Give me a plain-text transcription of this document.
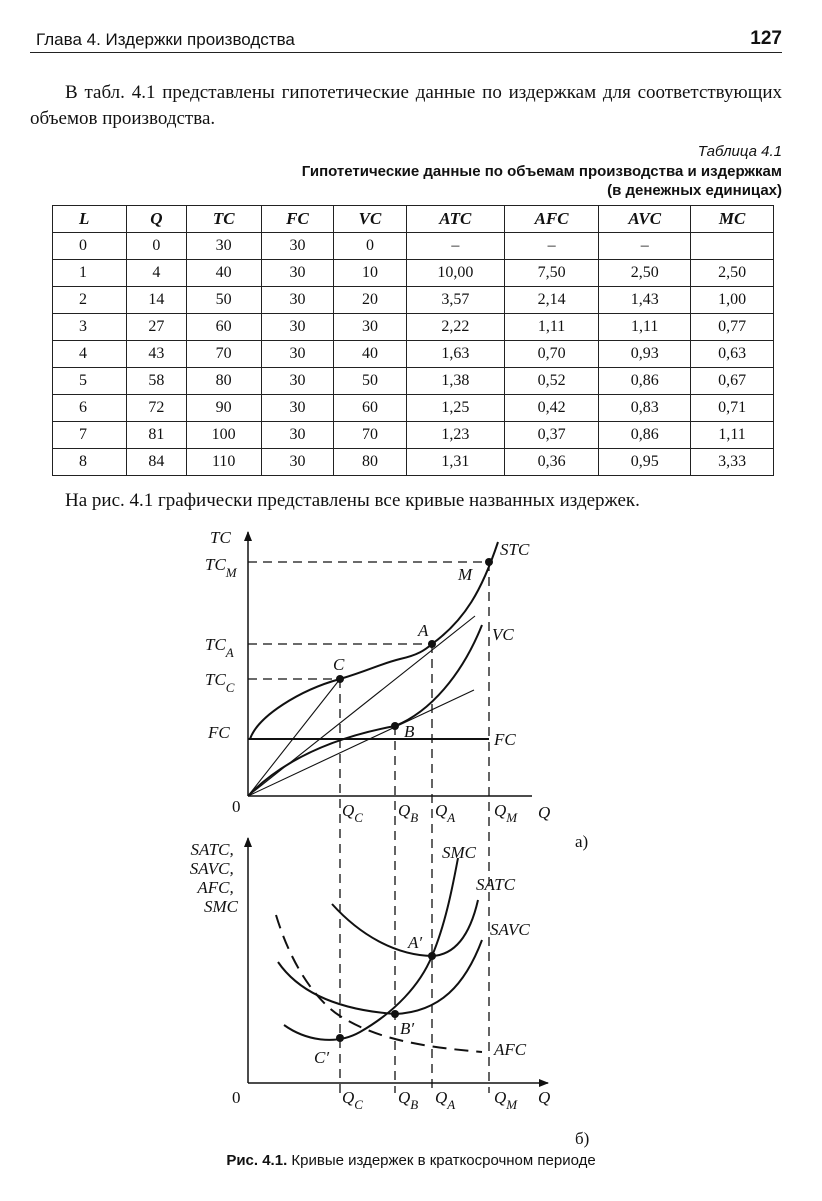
Глава 4. Издержки производства	127
В табл. 4.1 представлены гипотетические данные по издержкам для соответствующих объемов производства.
Таблица 4.1
Гипотетические данные по объемам производства и издержкам
(в денежных единицах)
L	Q	TC	FC	VC	ATC	AFC	AVC	MC
0	0	30	30	0	–	–	–	
1	4	40	30	10	10,00	7,50	2,50	2,50
2	14	50	30	20	3,57	2,14	1,43	1,00
3	27	60	30	30	2,22	1,11	1,11	0,77
4	43	70	30	40	1,63	0,70	0,93	0,63
5	58	80	30	50	1,38	0,52	0,86	0,67
6	72	90	30	60	1,25	0,42	0,83	0,71
7	81	100	30	70	1,23	0,37	0,86	1,11
8	84	110	30	80	1,31	0,36	0,95	3,33
На рис. 4.1 графически представлены все кривые названных издержек.
TC
Q
0
$TC_M$
$TC_A$
$TC_C$
FC
$Q_C$ $Q_B$ $Q_A$ $Q_M$
FC
STC
VC
M
A
C
B
а)
SATC, SAVC, AFC, SMC
0	Q
$Q_C$ $Q_B$ $Q_A$ $Q_M$
AFC
SAVC
SATC
SMC
A′
B′
C′
б)
Рис. 4.1. Кривые издержек в краткосрочном периоде
